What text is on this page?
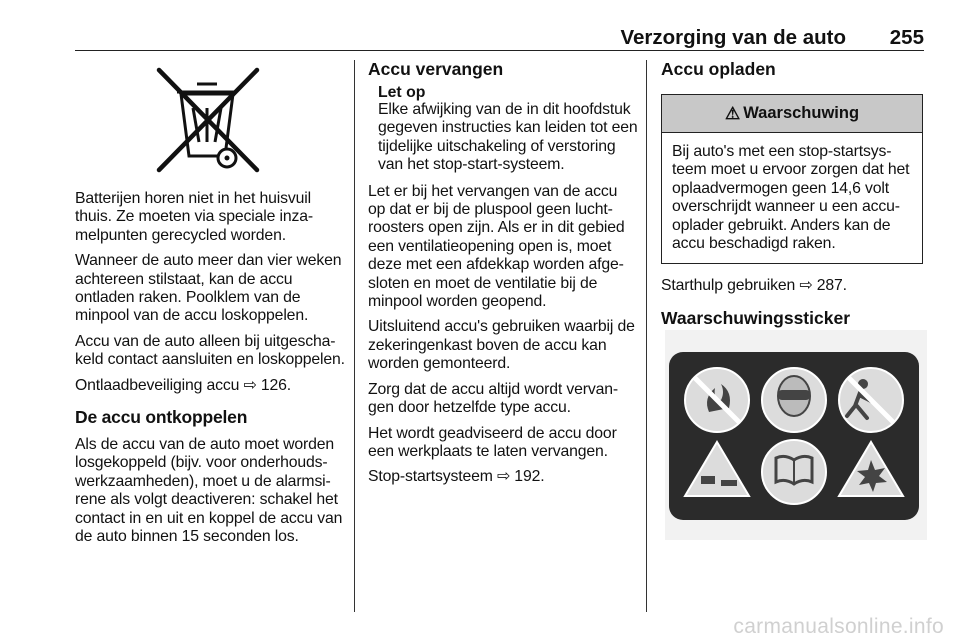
Verzorging van de auto 255

Batterijen horen niet in het huisvuil thuis. Ze moeten via speciale inzamelpunten gerecycled worden.

Wanneer de auto meer dan vier weken achtereen stilstaat, kan de accu ontladen raken. Poolklem van de minpool van de accu loskoppelen.

Accu van de auto alleen bij uitgeschakeld contact aansluiten en loskoppelen.

Ontlaadbeveiliging accu ⇨ 126.

De accu ontkoppelen

Als de accu van de auto moet worden losgekoppeld (bijv. voor onderhoudswerkzaamheden), moet u de alarmsirene als volgt deactiveren: schakel het contact in en uit en koppel de accu van de auto binnen 15 seconden los.

Accu vervangen
Let op
Elke afwijking van de in dit hoofdstuk gegeven instructies kan leiden tot een tijdelijke uitschakeling of verstoring van het stop-start-systeem.

Let er bij het vervangen van de accu op dat er bij de pluspool geen luchtroosters open zijn. Als er in dit gebied een ventilatieopening open is, moet deze met een afdekkap worden afgesloten en moet de ventilatie bij de minpool worden geopend.

Uitsluitend accu's gebruiken waarbij de zekeringenkast boven de accu kan worden gemonteerd.

Zorg dat de accu altijd wordt vervangen door hetzelfde type accu.

Het wordt geadviseerd de accu door een werkplaats te laten vervangen.

Stop-startsysteem ⇨ 192.

Accu opladen
⚠ Waarschuwing
Bij auto's met een stop-startsysteem moet u ervoor zorgen dat het oplaadvermogen geen 14,6 volt overschrijdt wanneer u een accuoplader gebruikt. Anders kan de accu beschadigd raken.

Starthulp gebruiken ⇨ 287.

Waarschuwingssticker
carmanualsonline.info
